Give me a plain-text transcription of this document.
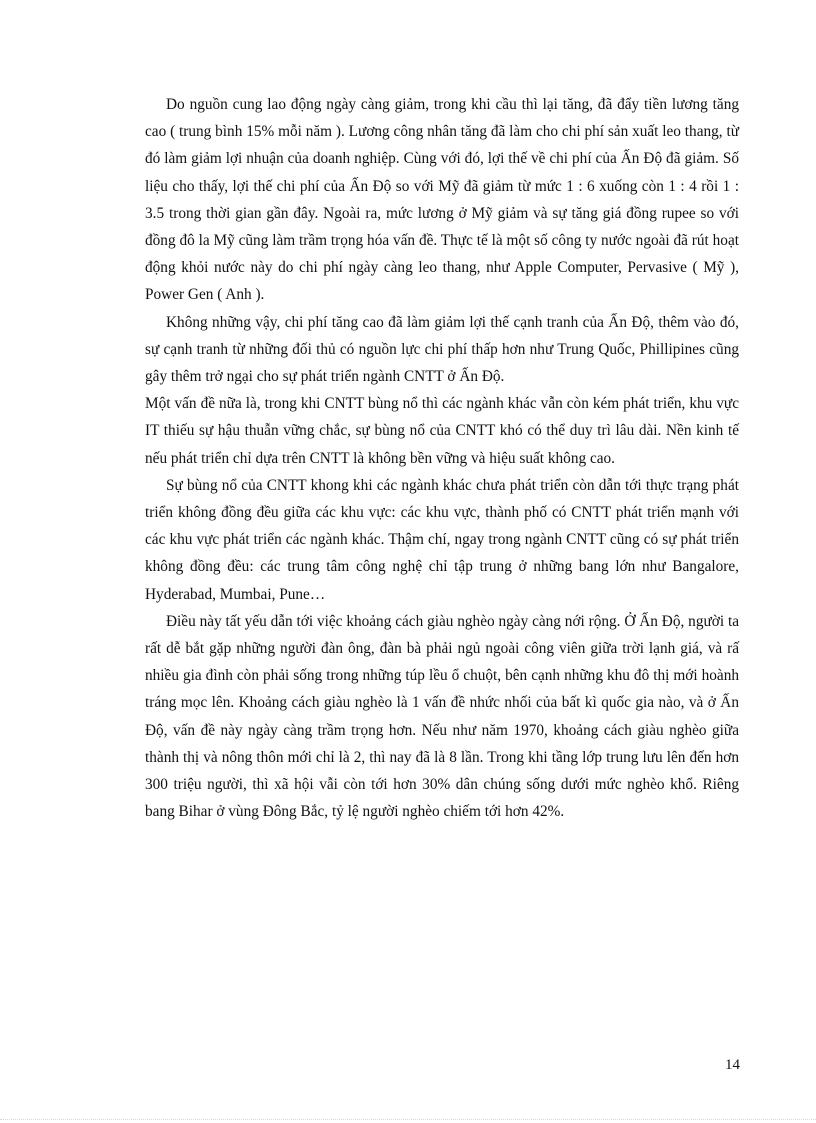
Do nguồn cung lao động ngày càng giảm, trong khi cầu thì lại tăng, đã đẩy tiền lương tăng cao ( trung bình 15% mỗi năm ). Lương công nhân tăng đã làm cho chi phí sản xuất leo thang, từ đó làm giảm lợi nhuận của doanh nghiệp. Cùng với đó, lợi thế về chi phí của Ấn Độ đã giảm. Số liệu cho thấy, lợi thế chi phí của Ấn Độ so với Mỹ đã giảm từ mức 1 : 6 xuống còn 1 : 4 rồi 1 : 3.5 trong thời gian gần đây. Ngoài ra, mức lương ở Mỹ giảm và sự tăng giá đồng rupee so với đồng đô la Mỹ cũng làm trầm trọng hóa vấn đề. Thực tế là một số công ty nước ngoài đã rút hoạt động khỏi nước này do chi phí ngày càng leo thang, như Apple Computer, Pervasive ( Mỹ ), Power Gen ( Anh ).

Không những vậy, chi phí tăng cao đã làm giảm lợi thế cạnh tranh của Ấn Độ, thêm vào đó, sự cạnh tranh từ những đối thủ có nguồn lực chi phí thấp hơn như Trung Quốc, Phillipines cũng gây thêm trở ngại cho sự phát triển ngành CNTT ở Ấn Độ.

Một vấn đề nữa là, trong khi CNTT bùng nổ thì các ngành khác vẫn còn kém phát triển, khu vực IT thiếu sự hậu thuẫn vững chắc, sự bùng nổ của CNTT khó có thể duy trì lâu dài. Nền kinh tế nếu phát triển chỉ dựa trên CNTT là không bền vững và hiệu suất không cao.

Sự bùng nổ của CNTT khong khi các ngành khác chưa phát triển còn dẫn tới thực trạng phát triển không đồng đều giữa các khu vực: các khu vực, thành phố có CNTT phát triển mạnh với các khu vực phát triển các ngành khác. Thậm chí, ngay trong ngành CNTT cũng có sự phát triển không đồng đều: các trung tâm công nghệ chỉ tập trung ở những bang lớn như Bangalore, Hyderabad, Mumbai, Pune…

Điều này tất yếu dẫn tới việc khoảng cách giàu nghèo ngày càng nới rộng. Ở Ấn Độ, người ta rất dễ bắt gặp những người đàn ông, đàn bà phải ngủ ngoài công viên giữa trời lạnh giá, và rấ nhiều gia đình còn phải sống trong những túp lều ổ chuột, bên cạnh những khu đô thị mới hoành tráng mọc lên. Khoảng cách giàu nghèo là 1 vấn đề nhức nhối của bất kì quốc gia nào, và ở Ấn Độ, vấn đề này ngày càng trầm trọng hơn. Nếu như năm 1970, khoảng cách giàu nghèo giữa thành thị và nông thôn mới chỉ là 2, thì nay đã là 8 lần. Trong khi tầng lớp trung lưu lên đến hơn 300 triệu người, thì xã hội vẫi còn tới hơn 30% dân chúng sống dưới mức nghèo khổ. Riêng bang Bihar ở vùng Đông Bắc, tỷ lệ người nghèo chiếm tới hơn 42%.

14
